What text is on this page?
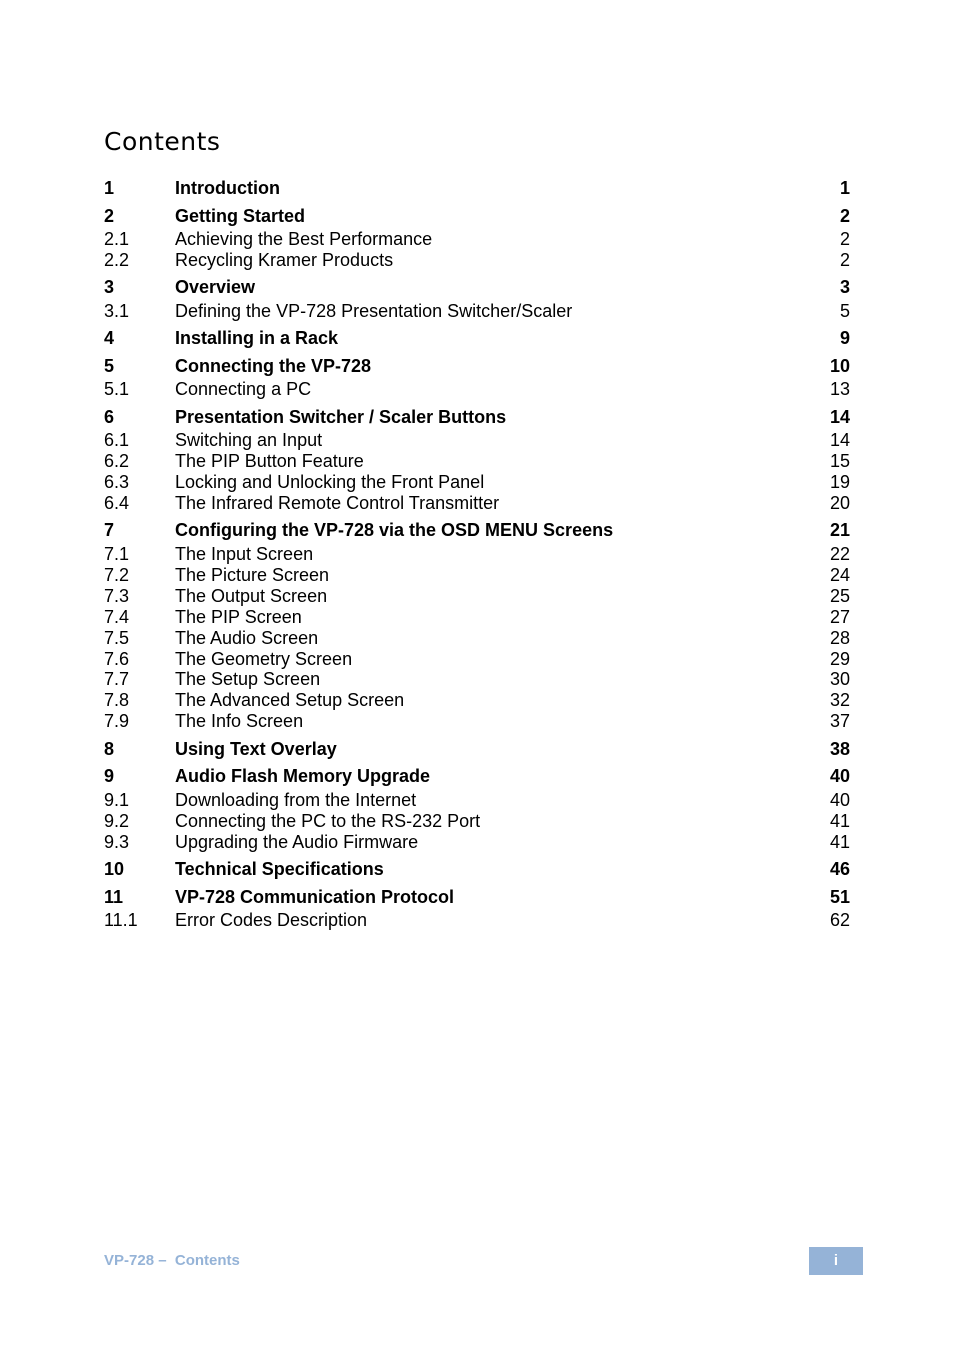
Contents
1	Introduction	1
2	Getting Started	2
2.1	Achieving the Best Performance	2
2.2	Recycling Kramer Products	2
3	Overview	3
3.1	Defining the VP-728 Presentation Switcher/Scaler	5
4	Installing in a Rack	9
5	Connecting the VP-728	10
5.1	Connecting a PC	13
6	Presentation Switcher / Scaler Buttons	14
6.1	Switching an Input	14
6.2	The PIP Button Feature	15
6.3	Locking and Unlocking the Front Panel	19
6.4	The Infrared Remote Control Transmitter	20
7	Configuring the VP-728 via the OSD MENU Screens	21
7.1	The Input Screen	22
7.2	The Picture Screen	24
7.3	The Output Screen	25
7.4	The PIP Screen	27
7.5	The Audio Screen	28
7.6	The Geometry Screen	29
7.7	The Setup Screen	30
7.8	The Advanced Setup Screen	32
7.9	The Info Screen	37
8	Using Text Overlay	38
9	Audio Flash Memory Upgrade	40
9.1	Downloading from the Internet	40
9.2	Connecting the PC to the RS-232 Port	41
9.3	Upgrading the Audio Firmware	41
10	Technical Specifications	46
11	VP-728 Communication Protocol	51
11.1 Error Codes Description	62
VP-728 –  Contents	i
